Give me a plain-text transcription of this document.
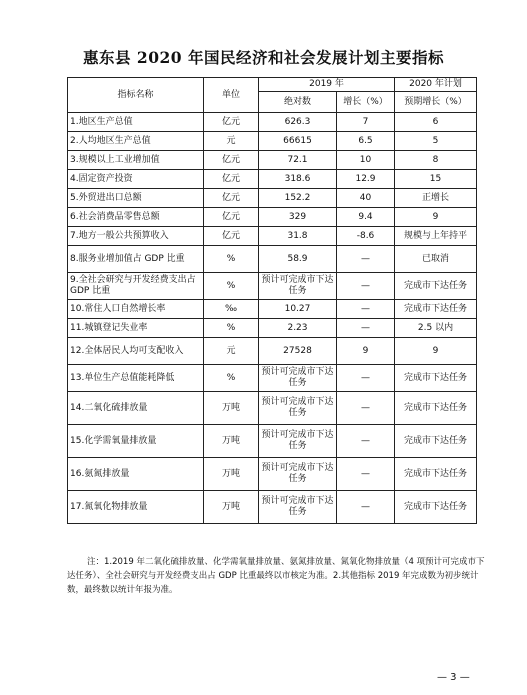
惠东县 2020 年国民经济和社会发展计划主要指标
指标名称	单位	2019 年		2020 年计划
		绝对数	增长（%）	预期增长（%）
1.地区生产总值	亿元	626.3	7	6
2.人均地区生产总值	元	66615	6.5	5
3.规模以上工业增加值	亿元	72.1	10	8
4.固定资产投资	亿元	318.6	12.9	15
5.外贸进出口总额	亿元	152.2	40	正增长
6.社会消费品零售总额	亿元	329	9.4	9
7.地方一般公共预算收入	亿元	31.8	-8.6	规模与上年持平
8.服务业增加值占 GDP 比重	%	58.9	—	已取消
9.全社会研究与开发经费支出占 GDP 比重	%	预计可完成市下达任务	—	完成市下达任务
10.常住人口自然增长率	‰	10.27	—	完成市下达任务
11.城镇登记失业率	%	2.23	—	2.5 以内
12.全体居民人均可支配收入	元	27528	9	9
13.单位生产总值能耗降低	%	预计可完成市下达任务	—	完成市下达任务
14.二氧化硫排放量	万吨	预计可完成市下达任务	—	完成市下达任务
15.化学需氧量排放量	万吨	预计可完成市下达任务	—	完成市下达任务
16.氨氮排放量	万吨	预计可完成市下达任务	—	完成市下达任务
17.氮氧化物排放量	万吨	预计可完成市下达任务	—	完成市下达任务
注：1.2019 年二氧化硫排放量、化学需氧量排放量、氨氮排放量、氮氧化物排放量（4 项预计可完成市下达任务）、全社会研究与开发经费支出占 GDP 比重最终以市核定为准。2.其他指标 2019 年完成数为初步统计数，最终数以统计年报为准。
— 3 —
